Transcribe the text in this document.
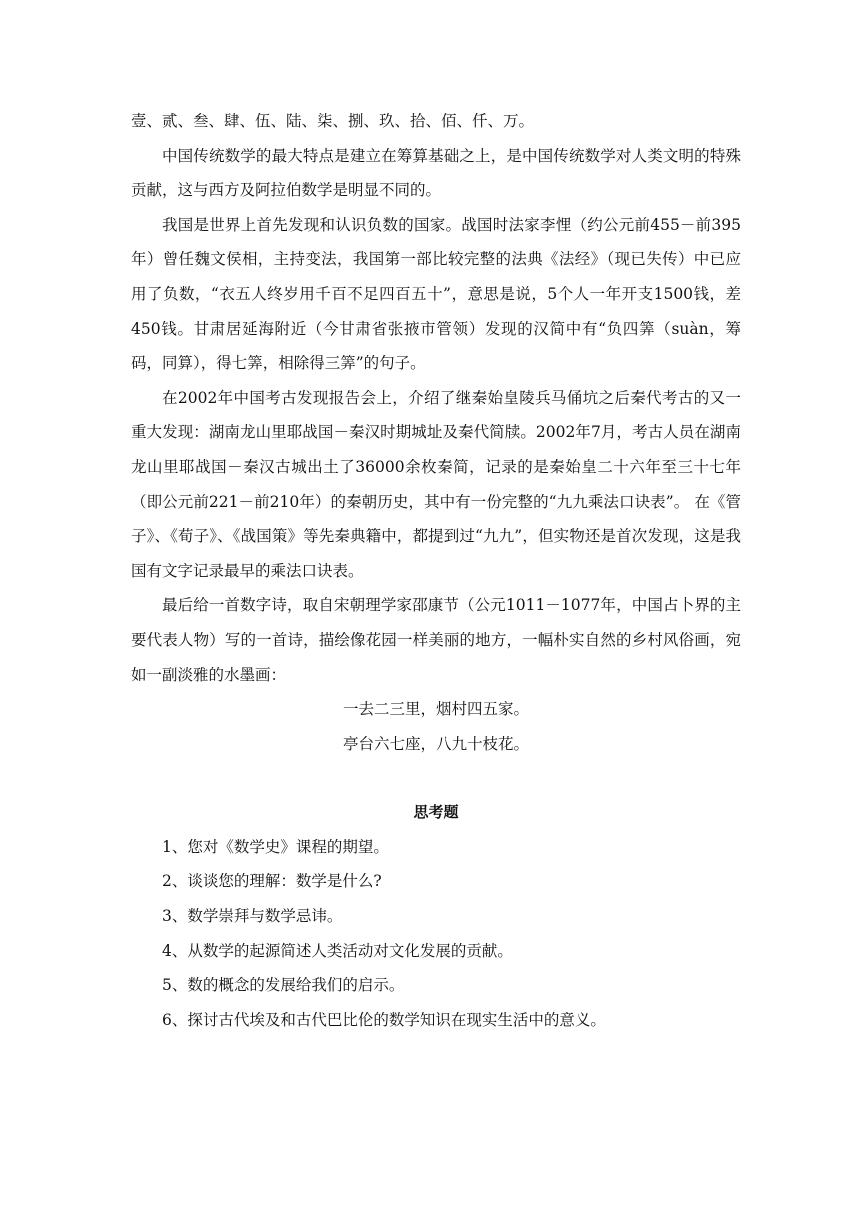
壹、贰、叁、肆、伍、陆、柒、捌、玖、拾、佰、仟、万。

中国传统数学的最大特点是建立在筹算基础之上，是中国传统数学对人类文明的特殊贡献，这与西方及阿拉伯数学是明显不同的。

我国是世界上首先发现和认识负数的国家。战国时法家李悝（约公元前455－前395年）曾任魏文侯相，主持变法，我国第一部比较完整的法典《法经》（现已失传）中已应用了负数，“衣五人终岁用千百不足四百五十”，意思是说，5个人一年开支1500钱，差450钱。甘肃居延海附近（今甘肃省张掖市管领）发现的汉简中有“负四筭（suàn，筹码，同算），得七筭，相除得三筭”的句子。

在2002年中国考古发现报告会上，介绍了继秦始皇陵兵马俑坑之后秦代考古的又一重大发现：湖南龙山里耶战国－秦汉时期城址及秦代简牍。2002年7月，考古人员在湖南龙山里耶战国－秦汉古城出土了36000余枚秦简，记录的是秦始皇二十六年至三十七年（即公元前221－前210年）的秦朝历史，其中有一份完整的“九九乘法口诀表”。 在《管子》、《荀子》、《战国策》等先秦典籍中，都提到过“九九”，但实物还是首次发现，这是我国有文字记录最早的乘法口诀表。

最后给一首数字诗，取自宋朝理学家邵康节（公元1011－1077年，中国占卜界的主要代表人物）写的一首诗，描绘像花园一样美丽的地方，一幅朴实自然的乡村风俗画，宛如一副淡雅的水墨画：

一去二三里，烟村四五家。

亭台六七座，八九十枝花。

思考题
1、您对《数学史》课程的期望。
2、谈谈您的理解：数学是什么?
3、数学崇拜与数学忌讳。
4、从数学的起源简述人类活动对文化发展的贡献。
5、数的概念的发展给我们的启示。
6、探讨古代埃及和古代巴比伦的数学知识在现实生活中的意义。
